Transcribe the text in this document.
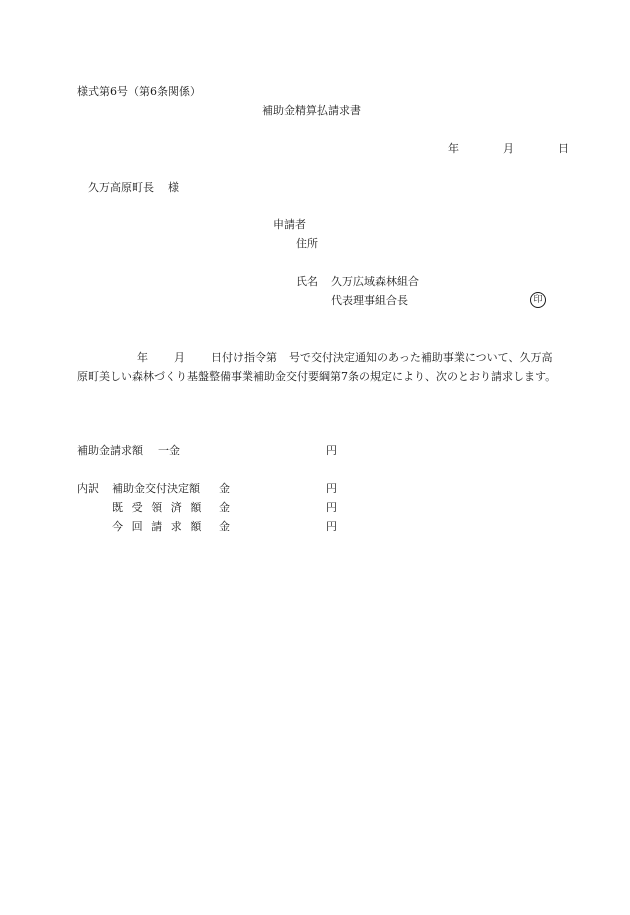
様式第6号（第6条関係）
補助金精算払請求書
年	月	日
久万高原町長 様
申請者
住所
氏名 久万広域森林組合
代表理事組合長	印
年 月 日付け指令第 号で交付決定通知のあった補助事業について、久万高原町美しい森林づくり基盤整備事業補助金交付要綱第7条の規定により、次のとおり請求します。
補助金請求額 一金	円
内訳 補助金交付決定額 金	円
既受領済額 金	円
今回請求額 金	円
